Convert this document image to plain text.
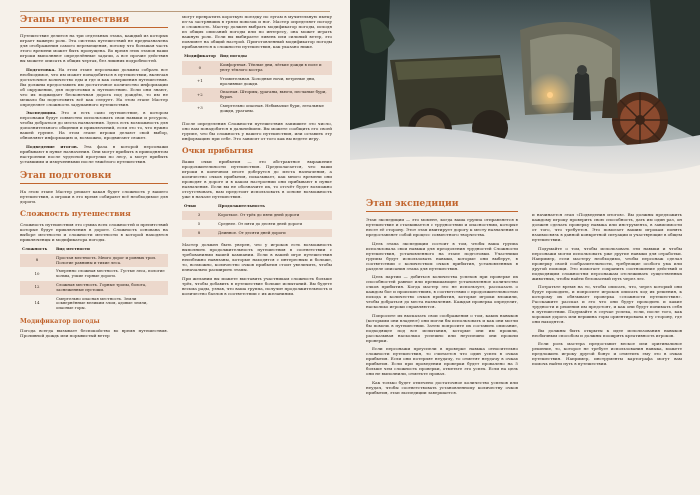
Этапы путешествия

Путешествие делится на три отдельных этапа, каждый из которых играет важную роль. Эта система путешествий не предназначена для отображения самого перемещения, потому что большая часть этого времени может быть пропущена. Во время этих этапов ваши игроки выполняют определённые задачи, а все прочие действия вы можете описать в общих чертах, без лишних подробностей.

Подготовка. На этом этапе персонажи должны собрать все необходимое, что им может понадобиться в путешествии, включая достаточное количество еды и где и как совершения путешествия. Вы должны предоставить им достаточное количество информации об окружении, для подготовки к путешествию. Если они знают, что их поджидает бесконечная дорога под дождём, то им не мешало бы подготовить всё как следует. На этом этапе Мастер определяет сложность задуманного путешествия.

Экспедиция. Это и есть само путешествие, в котором персонажи будут совместно использовать свои навыки и ресурсы, чтобы добраться до места назначения. Здесь есть возможность для дополнительного общения и приключений, если это то, что нужно вашей группе. На этом этапе игроки делают свой выбор, обновляют информацию и, возможно, продвигают сюжет.

Подведение итогов. Эта фаза в которой персонажи прибывают в пункт назначения. Они могут прибыть в приподнятом настроении после чудесной прогулки по лесу, а могут прибыть уставшими и измученными после тяжёлого путешествия.

Этап подготовки

На этом этапе Мастер решает какая будет сложность у вашего путешествия, а игроки в это время собирают всё необходимое для дороги.

Сложность путешествия

Сложность путешествия это сумма всех сложностей и препятствий которые будут приключения в дороге. Сложность основана на выборе местности и сложности местности в которой находятся приключенцы и модификатора погоды.

Сложность	Вид местности
8	Простая местность. Много дорог и ровных троп. Пологие равнины и тихие леса.
10	Умеренно сложная местность. Густые леса, пологие холмы, узкие горные дороги.
12	Сложная местность. Горные тропы, болота, заснеженные пустоши.
14	Смертельно опасная местность. Земли осквернённые великим злом, адовые земли, опасные горы.
Модификатор погоды

Погода всегда вызывает беспокойство во время путешествия. Проливной дождь или порывистый ветер

могут превратить короткую поездку по лугам в мучительную пытку из-за застрявших в грязи повозок и ног. Мастер определяет погоду и сложность. Мастер должен выбрать модификатор погоды, исходя из общих описаний погоды или по интересу, она может играть важную роль. Если вы выбираете ливень или сильный ветер, это повлияет на общий настрой. Приготовленный модификатор погоды прибавляется к сложности путешествия, как указано ниже.

Модификатор	Вид погоды
0	Комфортная. Тёплые дни, лёгкие дожди в поле и уюту тёплого костра
+1	Утомительная. Холодные ночи, ветреные дни, проливные дожди.
+2	Опасная. Штормы, ураганы, вьюги, песчаные бури, буран.
+3	Смертельно опасная. Небывалые бури, летальные дожди, ураганы.

После определения Сложности путешествия запишите это число, оно вам понадобится в дальнейшем. Вы можете сообщить его своей группе, что бы сложность у вашего путешествия, или оставить эту информацию при себе. Это зависит от того как вы ведете игру.

Очки прибытия

Ваши очки прибытия — это абстрактное выражение продолжительности путешествия. Предполагается, что ваши игроки в конечном итоге доберутся до места назначения, а количество очков прибытия, показывает, как много времени они проводят в дороге и в каком настроении они прибывают в пункт назначения. Если вы не обозначите их, то отсчёт будет возможно отсутствовать, вам предстоит использовать в основе возможность уже в начале путешествия.

Очки	Продолжительность
3	Короткое. От трёх до пяти дней дороги
5	Среднее. От пяти до десяти дней дороги
8	Длинное. От десяти дней дороги

Мастер должен быть уверен, что у игроков есть возможность выполнить продолжительность путешествия в соответствии с требованиями вашей кампании. Если в вашей игре путешествия неизбежно навязаны, которые находятся с интересным и больше, то, возможно, количество очков прибытия стоит увеличить, чтобы изначально расширить этапы.

При желании вы можете выставить участникам сложность больше трёх, чтобы добавить в путешествие больше испытаний. Вы будете весьма рады, узнав, что ваша группа, получит продолжительность и количество баллов в соответствии с их желаниями.

Этап экспедиции

Этап экспедиции — это момент, когда ваша группа отправляется в путешествие и сталкивается с трудностями и опасностями, которые несет её сторону. Этот этап имитирует дорогу к месту назначения и предоставляет собой процесс совместного творчества.

Цель этапа экспедиции состоит в том, чтобы ваша группа использовала свои навыки для преодоления трудностей Сложности путешествия, установленного на этапе подготовки. Участники группы будут использовать навыки, которые они выберут, в соответствии с количеством очков прибытия, установленных в разделе описания этапа для путешествия.

Цель партии — добиться количества успехов при проверке их способностей равное или превышающее установленное количество очков прибытия. Когда мастер это не использует, рассказать о каждом бое и происшествиях, в соответствии с продолжительностью похода и количество очков прибытия, которые игроки вложили, чтобы добраться до места назначения. Каждая проверка определит, насколько игроки справляются.

Попросите их высказать свои соображения о том, каких навыков (которыми они владеют) они могли бы использовать и как они могли бы помочь в путешествии. Затем попросите их составить описание, подходящее под все испытания, которые они им прошли, рассказывая насколько успешно или неуспешно они прошли проверки.

Если персонажи преуспели в проверке навыка относительно сложности путешествия, то считается что один успех в очках прибытия. Если они потерпят неудачу, то отметят неудачу в очках прибытия. Если при проведении проверки будет провалено на 5 больше чем сложность проверки, отметьте это успех. Если на цель они не выполнили, отметьте провал.

Как только будет отмечено достаточное количество успехов или неудач, чтобы соответствовать установленному количеству очков прибытия, этап экспедиции завершается.

и начинается этап «Подведения итогов». Вы должны предложить каждому игроку проверить свою способность, дать им один раз, он должен сделать проверку навыка или инструмента, в зависимости от того, что требуется. Это помогает вашим игрокам понять взаимосвязь в данной конкретной ситуации и участвующие в общем путешествии.

Подумайте о том, чтобы использовать эти навыки и чтобы персонажи могли использовать уже другие навыки для отработки. Например, если мастеру необходимо, чтобы персонаж сделал проверку своей сообразительности, требующие особого ума или другой помощи. Это помогает сохранить соотношение действий и подходящим сложностям персонажам отслеживать существенных животных, чтобы найти безопасный путь через лес.

Потратьте время на то, чтобы описать, что, через который они будут проходить, и попросите игроков описать ход их решения, к которому их обязывает проверка «сложности путешествия». Расскажите рассказ и это что они будут проходить и какие трудности и решения им предстоят, и как они будут понимать себя в путешествии. Подумайте в случае успеха, если, после того, как хорошая дорога или вершина горы ориентирована в ту сторону, где они находятся.

Вы должны быть открыты к идее использования навыков необычным способом и должны поощрять креативность игроков.

Если роль мастера предоставит веское или оригинальное решение, то, которое не требует использования навыка, можете предложить игроку другой бонус и отметить ему это в очках путешествия. Например, инструменты картографа могут вам помочь найти путь в путешествии.
